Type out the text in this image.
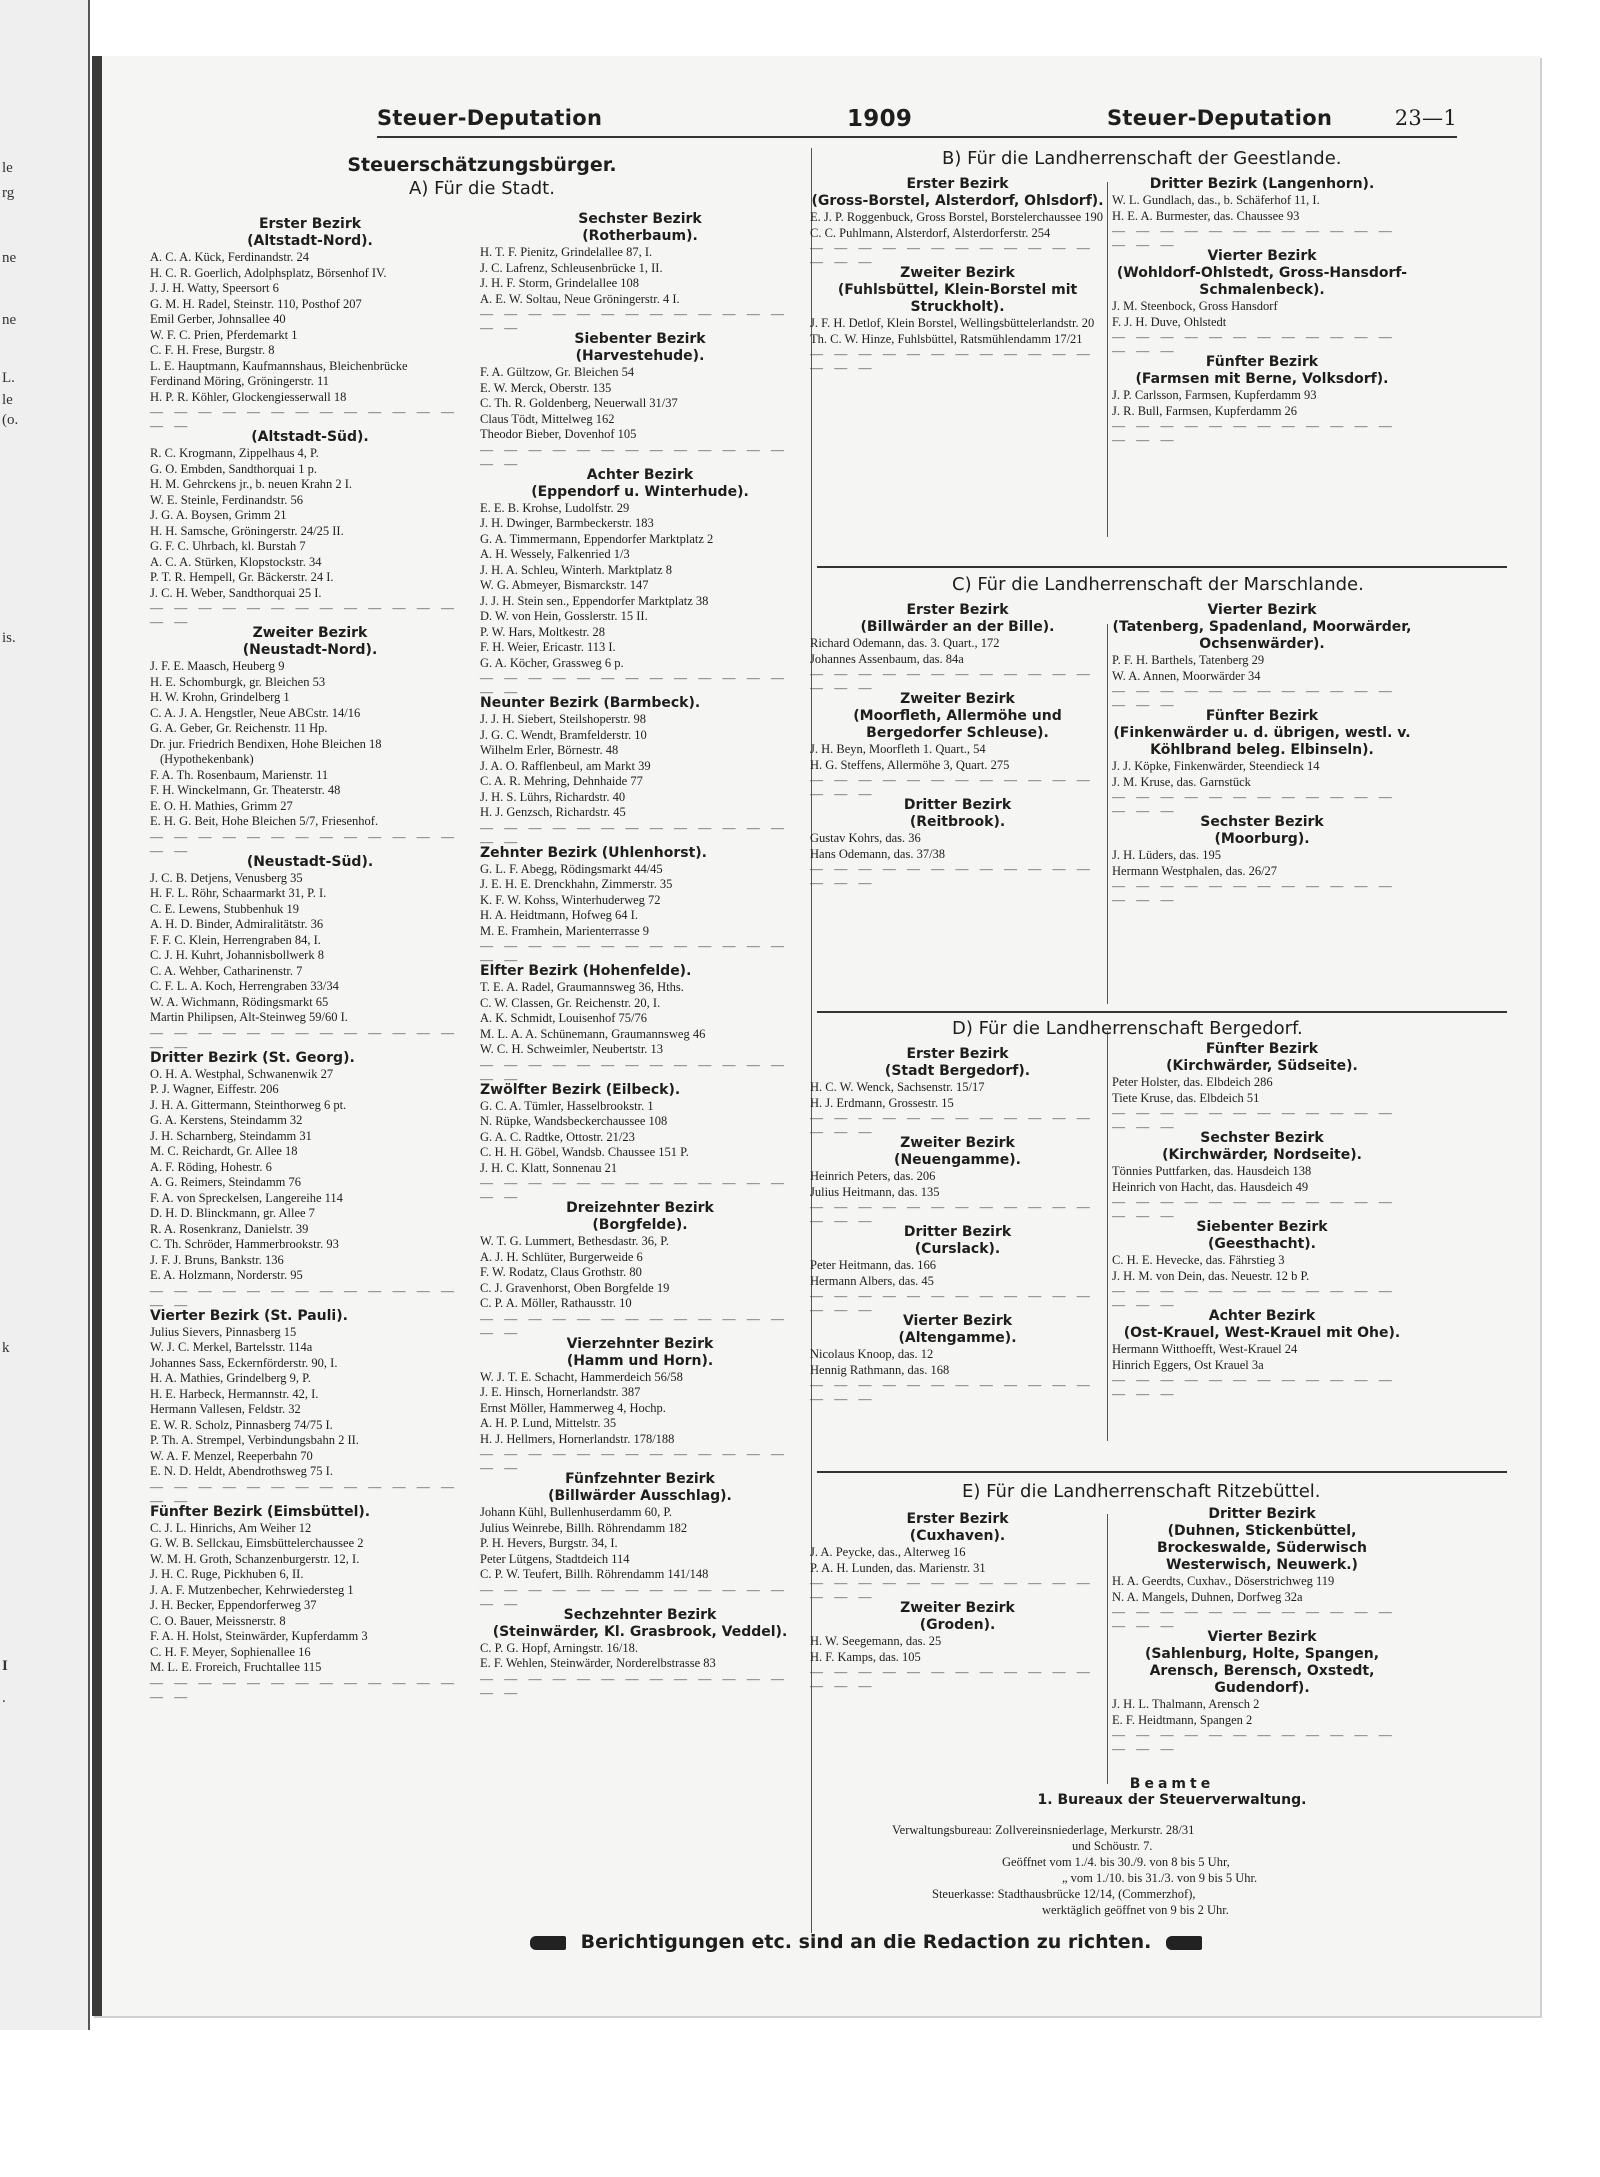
le
rg
ne
ne
L.
le
(o.
is.
k
I
.
Steuer-Deputation	1909	Steuer-Deputation	23—1
Steuerschätzungsbürger.
A) Für die Stadt.
Erster Bezirk
(Altstadt-Nord).
A. C. A. Kück, Ferdinandstr. 24
H. C. R. Goerlich, Adolphsplatz, Börsenhof IV.
J. J. H. Watty, Speersort 6
G. M. H. Radel, Steinstr. 110, Posthof 207
Emil Gerber, Johnsallee 40
W. F. C. Prien, Pferdemarkt 1
C. F. H. Frese, Burgstr. 8
L. E. Hauptmann, Kaufmannshaus, Bleichenbrücke
Ferdinand Möring, Gröningerstr. 11
H. P. R. Köhler, Glockengiesserwall 18
— — — — — — — — — — — — — — —
(Altstadt-Süd).
R. C. Krogmann, Zippelhaus 4, P.
G. O. Embden, Sandthorquai 1 p.
H. M. Gehrckens jr., b. neuen Krahn 2 I.
W. E. Steinle, Ferdinandstr. 56
J. G. A. Boysen, Grimm 21
H. H. Samsche, Gröningerstr. 24/25 II.
G. F. C. Uhrbach, kl. Burstah 7
A. C. A. Stürken, Klopstockstr. 34
P. T. R. Hempell, Gr. Bäckerstr. 24 I.
J. C. H. Weber, Sandthorquai 25 I.
— — — — — — — — — — — — — — —
Zweiter Bezirk
(Neustadt-Nord).
J. F. E. Maasch, Heuberg 9
H. E. Schomburgk, gr. Bleichen 53
H. W. Krohn, Grindelberg 1
C. A. J. A. Hengstler, Neue ABCstr. 14/16
G. A. Geber, Gr. Reichenstr. 11 Hp.
Dr. jur. Friedrich Bendixen, Hohe Bleichen 18 (Hypothekenbank)
F. A. Th. Rosenbaum, Marienstr. 11
F. H. Winckelmann, Gr. Theaterstr. 48
E. O. H. Mathies, Grimm 27
E. H. G. Beit, Hohe Bleichen 5/7, Friesenhof.
— — — — — — — — — — — — — — —
(Neustadt-Süd).
J. C. B. Detjens, Venusberg 35
H. F. L. Röhr, Schaarmarkt 31, P. I.
C. E. Lewens, Stubbenhuk 19
A. H. D. Binder, Admiralitätstr. 36
F. F. C. Klein, Herrengraben 84, I.
C. J. H. Kuhrt, Johannisbollwerk 8
C. A. Wehber, Catharinenstr. 7
C. F. L. A. Koch, Herrengraben 33/34
W. A. Wichmann, Rödingsmarkt 65
Martin Philipsen, Alt-Steinweg 59/60 I.
— — — — — — — — — — — — — — —
Dritter Bezirk (St. Georg).
O. H. A. Westphal, Schwanenwik 27
P. J. Wagner, Eiffestr. 206
J. H. A. Gittermann, Steinthorweg 6 pt.
G. A. Kerstens, Steindamm 32
J. H. Scharnberg, Steindamm 31
M. C. Reichardt, Gr. Allee 18
A. F. Röding, Hohestr. 6
A. G. Reimers, Steindamm 76
F. A. von Spreckelsen, Langereihe 114
D. H. D. Blinckmann, gr. Allee 7
R. A. Rosenkranz, Danielstr. 39
C. Th. Schröder, Hammerbrookstr. 93
J. F. J. Bruns, Bankstr. 136
E. A. Holzmann, Norderstr. 95
— — — — — — — — — — — — — — —
Vierter Bezirk (St. Pauli).
Julius Sievers, Pinnasberg 15
W. J. C. Merkel, Bartelsstr. 114a
Johannes Sass, Eckernförderstr. 90, I.
H. A. Mathies, Grindelberg 9, P.
H. E. Harbeck, Hermannstr. 42, I.
Hermann Vallesen, Feldstr. 32
E. W. R. Scholz, Pinnasberg 74/75 I.
P. Th. A. Strempel, Verbindungsbahn 2 II.
W. A. F. Menzel, Reeperbahn 70
E. N. D. Heldt, Abendrothsweg 75 I.
— — — — — — — — — — — — — — —
Fünfter Bezirk (Eimsbüttel).
C. J. L. Hinrichs, Am Weiher 12
G. W. B. Sellckau, Eimsbüttelerchaussee 2
W. M. H. Groth, Schanzenburgerstr. 12, I.
J. H. C. Ruge, Pickhuben 6, II.
J. A. F. Mutzenbecher, Kehrwiedersteg 1
J. H. Becker, Eppendorferweg 37
C. O. Bauer, Meissnerstr. 8
F. A. H. Holst, Steinwärder, Kupferdamm 3
C. H. F. Meyer, Sophienallee 16
M. L. E. Froreich, Fruchtallee 115
— — — — — — — — — — — — — — —
Sechster Bezirk
(Rotherbaum).
H. T. F. Pienitz, Grindelallee 87, I.
J. C. Lafrenz, Schleusenbrücke 1, II.
J. H. F. Storm, Grindelallee 108
A. E. W. Soltau, Neue Gröningerstr. 4 I.
— — — — — — — — — — — — — — —
Siebenter Bezirk
(Harvestehude).
F. A. Gültzow, Gr. Bleichen 54
E. W. Merck, Oberstr. 135
C. Th. R. Goldenberg, Neuerwall 31/37
Claus Tödt, Mittelweg 162
Theodor Bieber, Dovenhof 105
— — — — — — — — — — — — — — —
Achter Bezirk
(Eppendorf u. Winterhude).
E. E. B. Krohse, Ludolfstr. 29
J. H. Dwinger, Barmbeckerstr. 183
G. A. Timmermann, Eppendorfer Marktplatz 2
A. H. Wessely, Falkenried 1/3
J. H. A. Schleu, Winterh. Marktplatz 8
W. G. Abmeyer, Bismarckstr. 147
J. J. H. Stein sen., Eppendorfer Marktplatz 38
D. W. von Hein, Gosslerstr. 15 II.
P. W. Hars, Moltkestr. 28
F. H. Weier, Ericastr. 113 I.
G. A. Köcher, Grassweg 6 p.
— — — — — — — — — — — — — — —
Neunter Bezirk (Barmbeck).
J. J. H. Siebert, Steilshoperstr. 98
J. G. C. Wendt, Bramfelderstr. 10
Wilhelm Erler, Börnestr. 48
J. A. O. Rafflenbeul, am Markt 39
C. A. R. Mehring, Dehnhaide 77
J. H. S. Lührs, Richardstr. 40
H. J. Genzsch, Richardstr. 45
— — — — — — — — — — — — — — —
Zehnter Bezirk (Uhlenhorst).
G. L. F. Abegg, Rödingsmarkt 44/45
J. E. H. E. Drenckhahn, Zimmerstr. 35
K. F. W. Kohss, Winterhuderweg 72
H. A. Heidtmann, Hofweg 64 I.
M. E. Framhein, Marienterrasse 9
— — — — — — — — — — — — — — —
Elfter Bezirk (Hohenfelde).
T. E. A. Radel, Graumannsweg 36, Hths.
C. W. Classen, Gr. Reichenstr. 20, I.
A. K. Schmidt, Louisenhof 75/76
M. L. A. A. Schünemann, Graumannsweg 46
W. C. H. Schweimler, Neubertstr. 13
— — — — — — — — — — — — — — —
Zwölfter Bezirk (Eilbeck).
G. C. A. Tümler, Hasselbrookstr. 1
N. Rüpke, Wandsbeckerchaussee 108
G. A. C. Radtke, Ottostr. 21/23
C. H. H. Göbel, Wandsb. Chaussee 151 P.
J. H. C. Klatt, Sonnenau 21
— — — — — — — — — — — — — — —
Dreizehnter Bezirk
(Borgfelde).
W. T. G. Lummert, Bethesdastr. 36, P.
A. J. H. Schlüter, Burgerweide 6
F. W. Rodatz, Claus Grothstr. 80
C. J. Gravenhorst, Oben Borgfelde 19
C. P. A. Möller, Rathausstr. 10
— — — — — — — — — — — — — — —
Vierzehnter Bezirk
(Hamm und Horn).
W. J. T. E. Schacht, Hammerdeich 56/58
J. E. Hinsch, Hornerlandstr. 387
Ernst Möller, Hammerweg 4, Hochp.
A. H. P. Lund, Mittelstr. 35
H. J. Hellmers, Hornerlandstr. 178/188
— — — — — — — — — — — — — — —
Fünfzehnter Bezirk
(Billwärder Ausschlag).
Johann Kühl, Bullenhuserdamm 60, P.
Julius Weinrebe, Billh. Röhrendamm 182
P. H. Hevers, Burgstr. 34, I.
Peter Lütgens, Stadtdeich 114
C. P. W. Teufert, Billh. Röhrendamm 141/148
— — — — — — — — — — — — — — —
Sechzehnter Bezirk
(Steinwärder, Kl. Grasbrook, Veddel).
C. P. G. Hopf, Arningstr. 16/18.
E. F. Wehlen, Steinwärder, Norderelbstrasse 83
— — — — — — — — — — — — — — —
B) Für die Landherrenschaft der Geestlande.
Erster Bezirk
(Gross-Borstel, Alsterdorf, Ohlsdorf).
E. J. P. Roggenbuck, Gross Borstel, Borstelerchaussee 190
C. C. Puhlmann, Alsterdorf, Alsterdorferstr. 254
— — — — — — — — — — — — — — —
Zweiter Bezirk
(Fuhlsbüttel, Klein-Borstel mit Struckholt).
J. F. H. Detlof, Klein Borstel, Wellingsbüttelerlandstr. 20
Th. C. W. Hinze, Fuhlsbüttel, Ratsmühlendamm 17/21
— — — — — — — — — — — — — — —
Dritter Bezirk (Langenhorn).
W. L. Gundlach, das., b. Schäferhof 11, I.
H. E. A. Burmester, das. Chaussee 93
— — — — — — — — — — — — — — —
Vierter Bezirk
(Wohldorf-Ohlstedt, Gross-Hansdorf-Schmalenbeck).
J. M. Steenbock, Gross Hansdorf
F. J. H. Duve, Ohlstedt
— — — — — — — — — — — — — — —
Fünfter Bezirk
(Farmsen mit Berne, Volksdorf).
J. P. Carlsson, Farmsen, Kupferdamm 93
J. R. Bull, Farmsen, Kupferdamm 26
— — — — — — — — — — — — — — —
C) Für die Landherrenschaft der Marschlande.
Erster Bezirk
(Billwärder an der Bille).
Richard Odemann, das. 3. Quart., 172
Johannes Assenbaum, das. 84a
— — — — — — — — — — — — — — —
Zweiter Bezirk
(Moorfleth, Allermöhe und Bergedorfer Schleuse).
J. H. Beyn, Moorfleth 1. Quart., 54
H. G. Steffens, Allermöhe 3, Quart. 275
— — — — — — — — — — — — — — —
Dritter Bezirk
(Reitbrook).
Gustav Kohrs, das. 36
Hans Odemann, das. 37/38
— — — — — — — — — — — — — — —
Vierter Bezirk
(Tatenberg, Spadenland, Moorwärder, Ochsenwärder).
P. F. H. Barthels, Tatenberg 29
W. A. Annen, Moorwärder 34
— — — — — — — — — — — — — — —
Fünfter Bezirk
(Finkenwärder u. d. übrigen, westl. v. Köhlbrand beleg. Elbinseln).
J. J. Köpke, Finkenwärder, Steendieck 14
J. M. Kruse, das. Garnstück
— — — — — — — — — — — — — — —
Sechster Bezirk
(Moorburg).
J. H. Lüders, das. 195
Hermann Westphalen, das. 26/27
— — — — — — — — — — — — — — —
D) Für die Landherrenschaft Bergedorf.
Erster Bezirk
(Stadt Bergedorf).
H. C. W. Wenck, Sachsenstr. 15/17
H. J. Erdmann, Grossestr. 15
— — — — — — — — — — — — — — —
Zweiter Bezirk
(Neuengamme).
Heinrich Peters, das. 206
Julius Heitmann, das. 135
— — — — — — — — — — — — — — —
Dritter Bezirk
(Curslack).
Peter Heitmann, das. 166
Hermann Albers, das. 45
— — — — — — — — — — — — — — —
Vierter Bezirk
(Altengamme).
Nicolaus Knoop, das. 12
Hennig Rathmann, das. 168
— — — — — — — — — — — — — — —
Fünfter Bezirk
(Kirchwärder, Südseite).
Peter Holster, das. Elbdeich 286
Tiete Kruse, das. Elbdeich 51
— — — — — — — — — — — — — — —
Sechster Bezirk
(Kirchwärder, Nordseite).
Tönnies Puttfarken, das. Hausdeich 138
Heinrich von Hacht, das. Hausdeich 49
— — — — — — — — — — — — — — —
Siebenter Bezirk
(Geesthacht).
C. H. E. Hevecke, das. Fährstieg 3
J. H. M. von Dein, das. Neuestr. 12 b P.
— — — — — — — — — — — — — — —
Achter Bezirk
(Ost-Krauel, West-Krauel mit Ohe).
Hermann Witthoefft, West-Krauel 24
Hinrich Eggers, Ost Krauel 3a
— — — — — — — — — — — — — — —
E) Für die Landherrenschaft Ritzebüttel.
Erster Bezirk
(Cuxhaven).
J. A. Peycke, das., Alterweg 16
P. A. H. Lunden, das. Marienstr. 31
— — — — — — — — — — — — — — —
Zweiter Bezirk
(Groden).
H. W. Seegemann, das. 25
H. F. Kamps, das. 105
— — — — — — — — — — — — — — —
Dritter Bezirk
(Duhnen, Stickenbüttel, Brockeswalde, Süderwisch Westerwisch, Neuwerk.)
H. A. Geerdts, Cuxhav., Döserstrichweg 119
N. A. Mangels, Duhnen, Dorfweg 32a
— — — — — — — — — — — — — — —
Vierter Bezirk
(Sahlenburg, Holte, Spangen, Arensch, Berensch, Oxstedt, Gudendorf).
J. H. L. Thalmann, Arensch 2
E. F. Heidtmann, Spangen 2
— — — — — — — — — — — — — — —
Beamte
1. Bureaux der Steuerverwaltung.
Verwaltungsbureau: Zollvereinsniederlage, Merkurstr. 28/31
und Schöustr. 7.
Geöffnet vom 1./4. bis 30./9. von 8 bis 5 Uhr,
„ vom 1./10. bis 31./3. von 9 bis 5 Uhr.
Steuerkasse: Stadthausbrücke 12/14, (Commerzhof),
werktäglich geöffnet von 9 bis 2 Uhr.
Berichtigungen etc. sind an die Redaction zu richten.
